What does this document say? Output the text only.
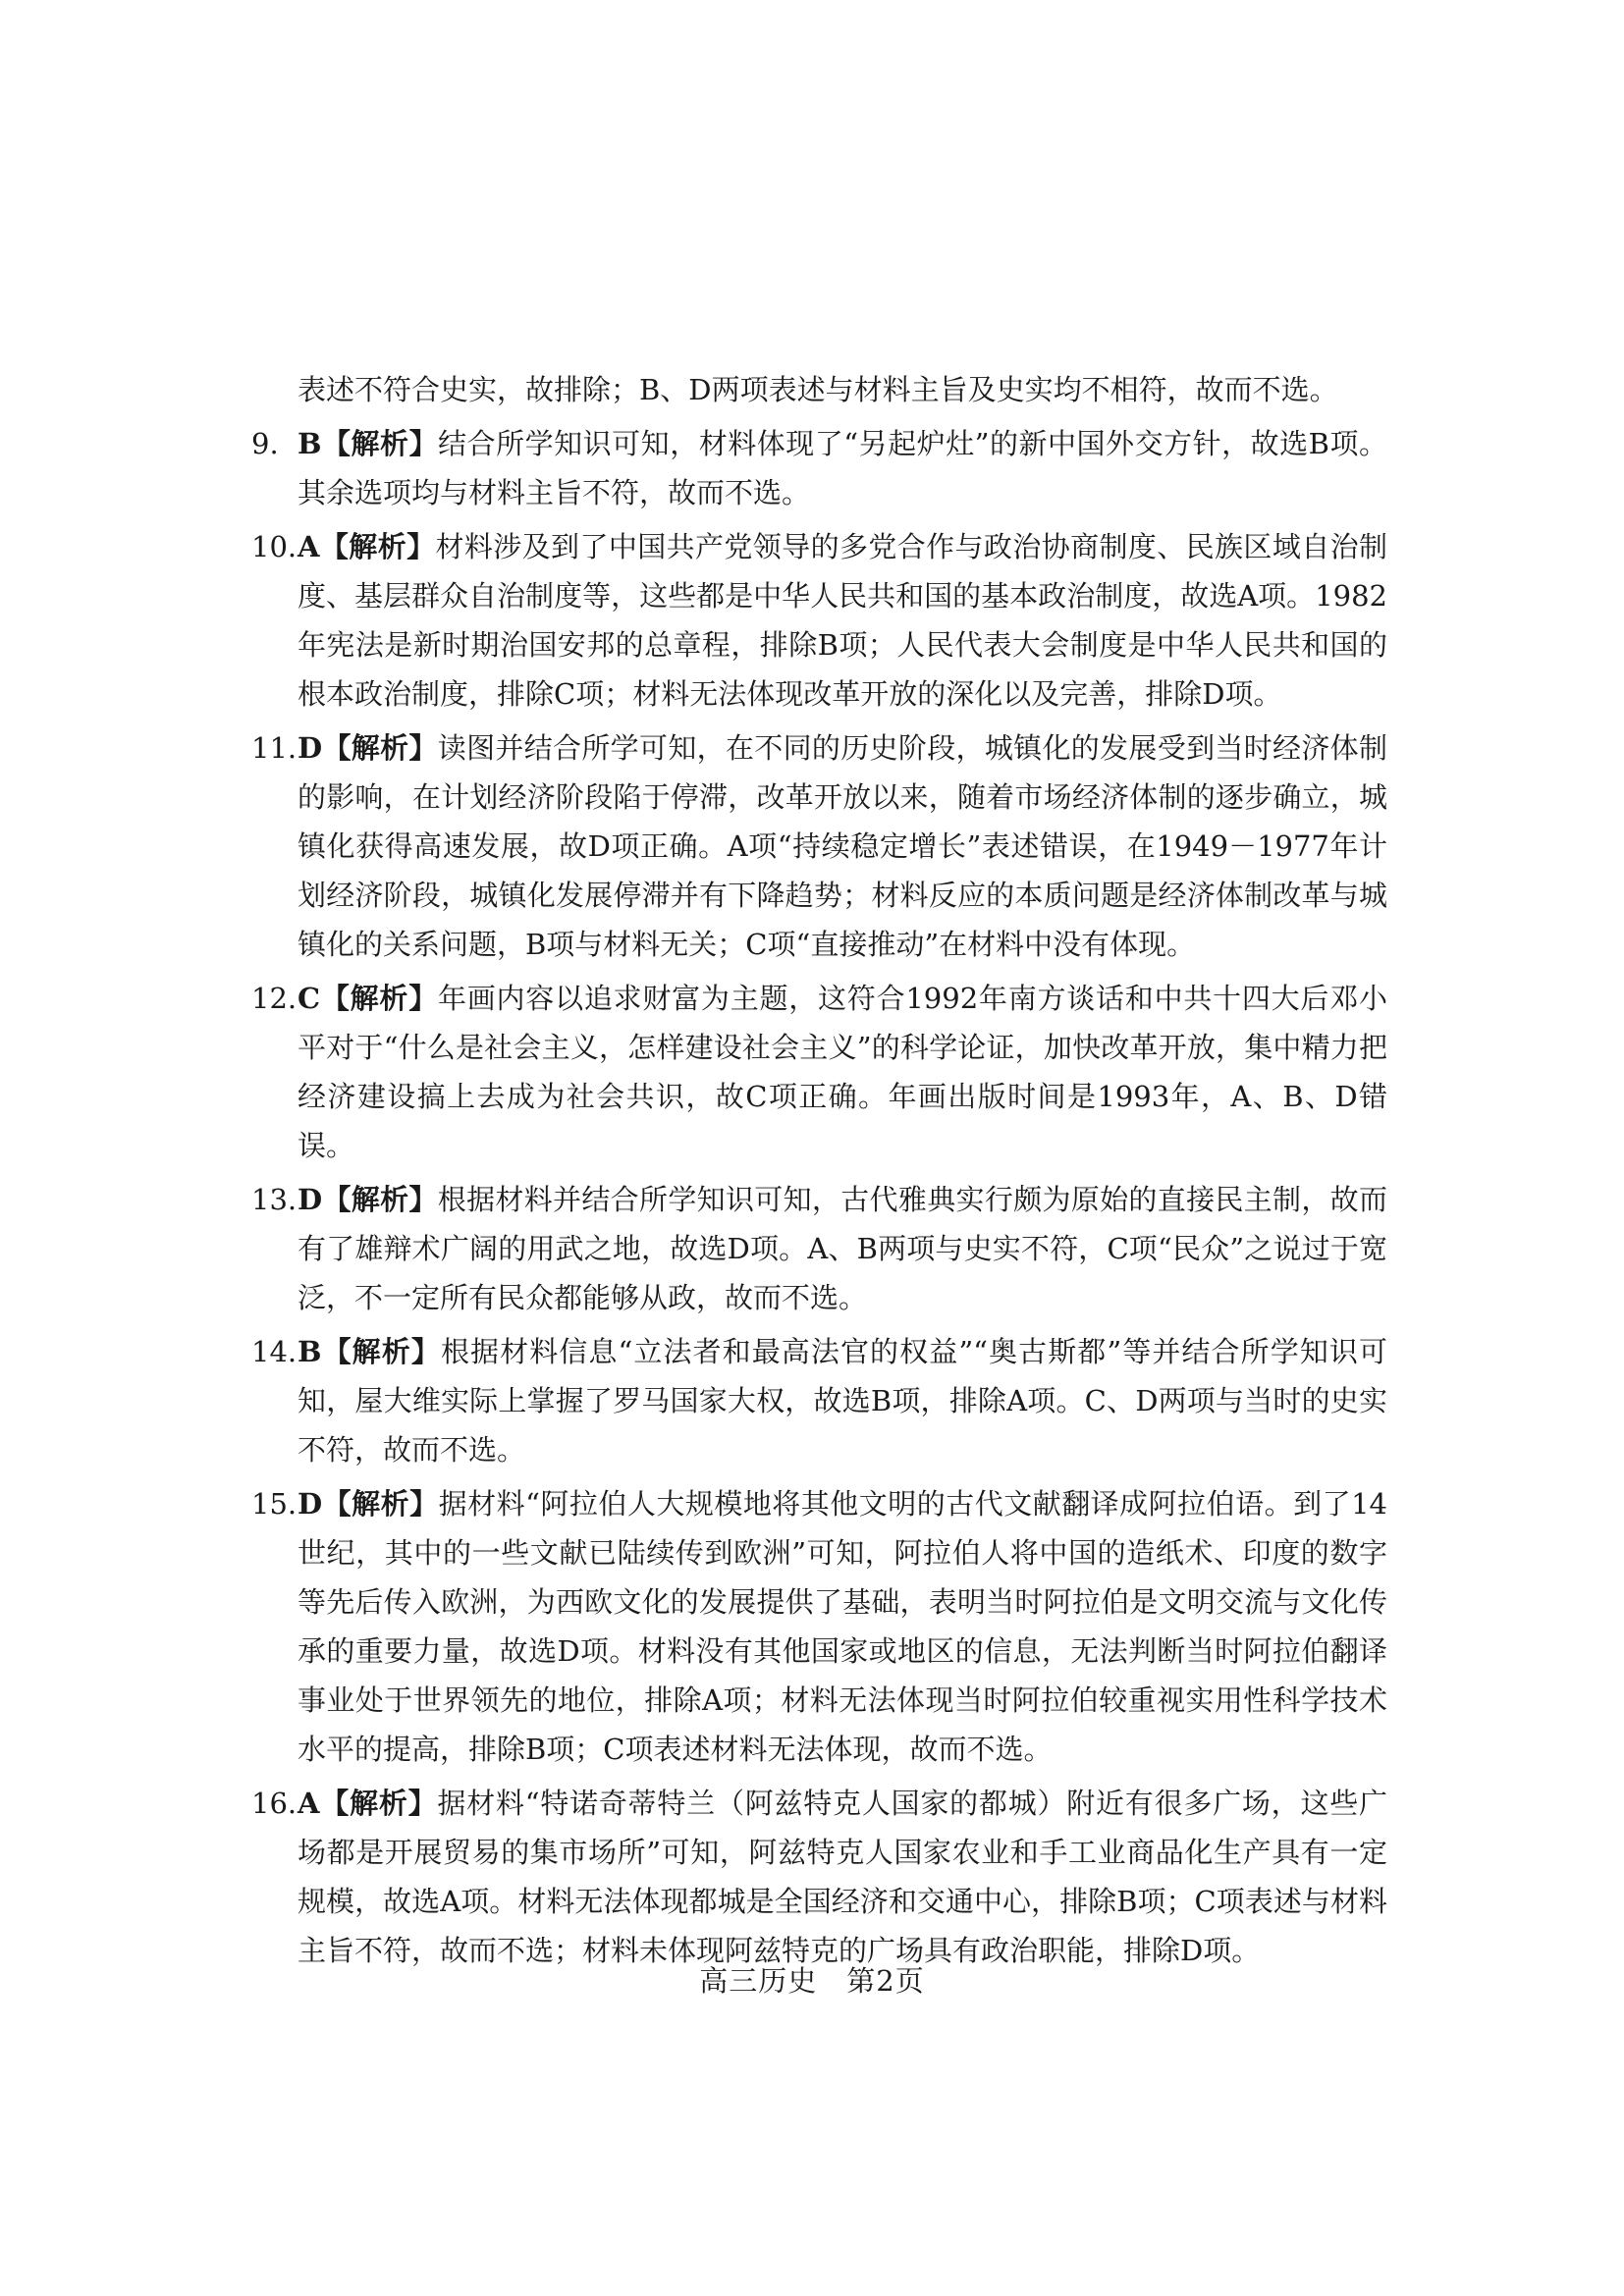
表述不符合史实，故排除；B、D两项表述与材料主旨及史实均不相符，故而不选。
9. B【解析】结合所学知识可知，材料体现了“另起炉灶”的新中国外交方针，故选B项。其余选项均与材料主旨不符，故而不选。
10. A【解析】材料涉及到了中国共产党领导的多党合作与政治协商制度、民族区域自治制度、基层群众自治制度等，这些都是中华人民共和国的基本政治制度，故选A项。1982年宪法是新时期治国安邦的总章程，排除B项；人民代表大会制度是中华人民共和国的根本政治制度，排除C项；材料无法体现改革开放的深化以及完善，排除D项。
11. D【解析】读图并结合所学可知，在不同的历史阶段，城镇化的发展受到当时经济体制的影响，在计划经济阶段陷于停滞，改革开放以来，随着市场经济体制的逐步确立，城镇化获得高速发展，故D项正确。A项“持续稳定增长”表述错误，在1949－1977年计划经济阶段，城镇化发展停滞并有下降趋势；材料反应的本质问题是经济体制改革与城镇化的关系问题，B项与材料无关；C项“直接推动”在材料中没有体现。
12. C【解析】年画内容以追求财富为主题，这符合1992年南方谈话和中共十四大后邓小平对于“什么是社会主义，怎样建设社会主义”的科学论证，加快改革开放，集中精力把经济建设搞上去成为社会共识，故C项正确。年画出版时间是1993年，A、B、D错误。
13. D【解析】根据材料并结合所学知识可知，古代雅典实行颇为原始的直接民主制，故而有了雄辩术广阔的用武之地，故选D项。A、B两项与史实不符，C项“民众”之说过于宽泛，不一定所有民众都能够从政，故而不选。
14. B【解析】根据材料信息“立法者和最高法官的权益”“奥古斯都”等并结合所学知识可知，屋大维实际上掌握了罗马国家大权，故选B项，排除A项。C、D两项与当时的史实不符，故而不选。
15. D【解析】据材料“阿拉伯人大规模地将其他文明的古代文献翻译成阿拉伯语。到了14世纪，其中的一些文献已陆续传到欧洲”可知，阿拉伯人将中国的造纸术、印度的数字等先后传入欧洲，为西欧文化的发展提供了基础，表明当时阿拉伯是文明交流与文化传承的重要力量，故选D项。材料没有其他国家或地区的信息，无法判断当时阿拉伯翻译事业处于世界领先的地位，排除A项；材料无法体现当时阿拉伯较重视实用性科学技术水平的提高，排除B项；C项表述材料无法体现，故而不选。
16. A【解析】据材料“特诺奇蒂特兰（阿兹特克人国家的都城）附近有很多广场，这些广场都是开展贸易的集市场所”可知，阿兹特克人国家农业和手工业商品化生产具有一定规模，故选A项。材料无法体现都城是全国经济和交通中心，排除B项；C项表述与材料主旨不符，故而不选；材料未体现阿兹特克的广场具有政治职能，排除D项。
高三历史　第2页
